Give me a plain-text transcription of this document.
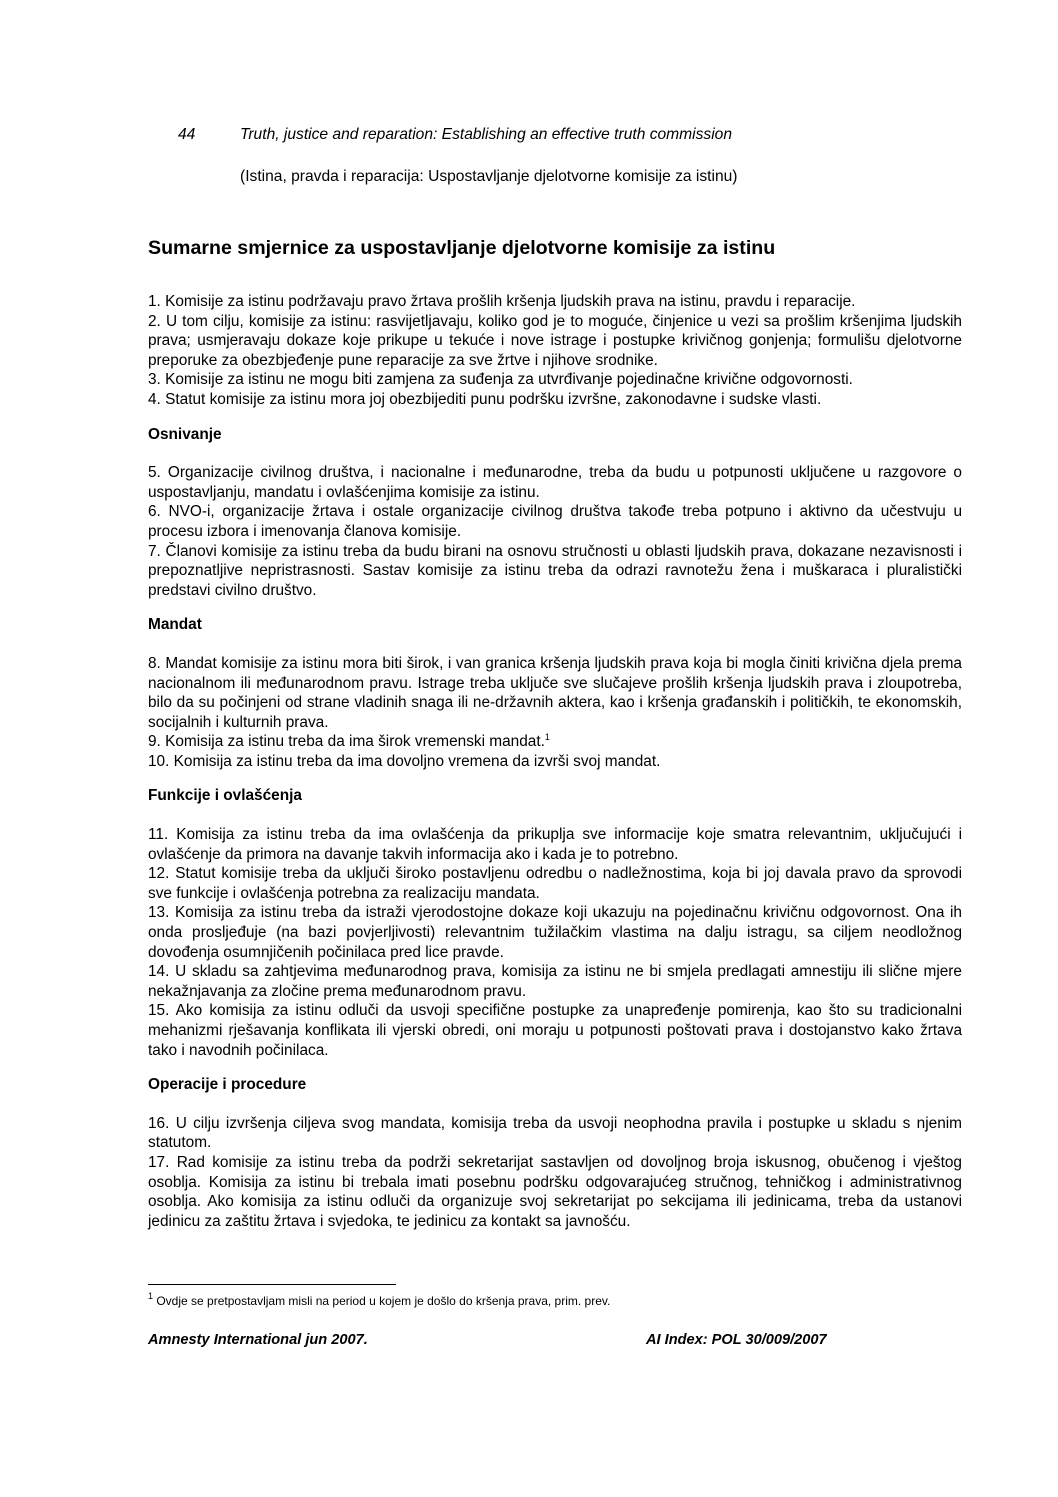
44	Truth, justice and reparation: Establishing an effective truth commission
(Istina, pravda i reparacija: Uspostavljanje djelotvorne komisije za istinu)
Sumarne smjernice za uspostavljanje djelotvorne komisije za istinu

1. Komisije za istinu podržavaju pravo žrtava prošlih kršenja ljudskih prava na istinu, pravdu i reparacije.

2. U tom cilju, komisije za istinu: rasvijetljavaju, koliko god je to moguće, činjenice u vezi sa prošlim kršenjima ljudskih prava; usmjeravaju dokaze koje prikupe u tekuće i nove istrage i postupke krivičnog gonjenja; formulišu djelotvorne preporuke za obezbjeđenje pune reparacije za sve žrtve i njihove srodnike.

3. Komisije za istinu ne mogu biti zamjena za suđenja za utvrđivanje pojedinačne krivične odgovornosti.

4. Statut komisije za istinu mora joj obezbijediti punu podršku izvršne, zakonodavne i sudske vlasti.

Osnivanje

5. Organizacije civilnog društva, i nacionalne i međunarodne, treba da budu u potpunosti uključene u razgovore o uspostavljanju, mandatu i ovlašćenjima komisije za istinu.

6. NVO-i, organizacije žrtava i ostale organizacije civilnog društva takođe treba potpuno i aktivno da učestvuju u procesu izbora i imenovanja članova komisije.

7. Članovi komisije za istinu treba da budu birani na osnovu stručnosti u oblasti ljudskih prava, dokazane nezavisnosti i prepoznatljive nepristrasnosti. Sastav komisije za istinu treba da odrazi ravnotežu žena i muškaraca i pluralistički predstavi civilno društvo.

Mandat

8. Mandat komisije za istinu mora biti širok, i van granica kršenja ljudskih prava koja bi mogla činiti krivična djela prema nacionalnom ili međunarodnom pravu. Istrage treba uključe sve slučajeve prošlih kršenja ljudskih prava i zloupotreba, bilo da su počinjeni od strane vladinih snaga ili ne-državnih aktera, kao i kršenja građanskih i političkih, te ekonomskih, socijalnih i kulturnih prava.

9. Komisija za istinu treba da ima širok vremenski mandat.$^1$

10. Komisija za istinu treba da ima dovoljno vremena da izvrši svoj mandat.

Funkcije i ovlašćenja

11. Komisija za istinu treba da ima ovlašćenja da prikuplja sve informacije koje smatra relevantnim, uključujući i ovlašćenje da primora na davanje takvih informacija ako i kada je to potrebno.

12. Statut komisije treba da uključi široko postavljenu odredbu o nadležnostima, koja bi joj davala pravo da sprovodi sve funkcije i ovlašćenja potrebna za realizaciju mandata.

13. Komisija za istinu treba da istraži vjerodostojne dokaze koji ukazuju na pojedinačnu krivičnu odgovornost. Ona ih onda prosljeđuje (na bazi povjerljivosti) relevantnim tužilačkim vlastima na dalju istragu, sa ciljem neodložnog dovođenja osumnjičenih počinilaca pred lice pravde.

14. U skladu sa zahtjevima međunarodnog prava, komisija za istinu ne bi smjela predlagati amnestiju ili slične mjere nekažnjavanja za zločine prema međunarodnom pravu.

15. Ako komisija za istinu odluči da usvoji specifične postupke za unapređenje pomirenja, kao što su tradicionalni mehanizmi rješavanja konflikata ili vjerski obredi, oni moraju u potpunosti poštovati prava i dostojanstvo kako žrtava tako i navodnih počinilaca.

Operacije i procedure

16. U cilju izvršenja ciljeva svog mandata, komisija treba da usvoji neophodna pravila i postupke u skladu s njenim statutom.

17. Rad komisije za istinu treba da podrži sekretarijat sastavljen od dovoljnog broja iskusnog, obučenog i vještog osoblja. Komisija za istinu bi trebala imati posebnu podršku odgovarajućeg stručnog, tehničkog i administrativnog osoblja. Ako komisija za istinu odluči da organizuje svoj sekretarijat po sekcijama ili jedinicama, treba da ustanovi jedinicu za zaštitu žrtava i svjedoka, te jedinicu za kontakt sa javnošću.

$^1$ Ovdje se pretpostavljam misli na period u kojem je došlo do kršenja prava, prim. prev.
Amnesty International jun 2007.	AI Index: POL 30/009/2007
